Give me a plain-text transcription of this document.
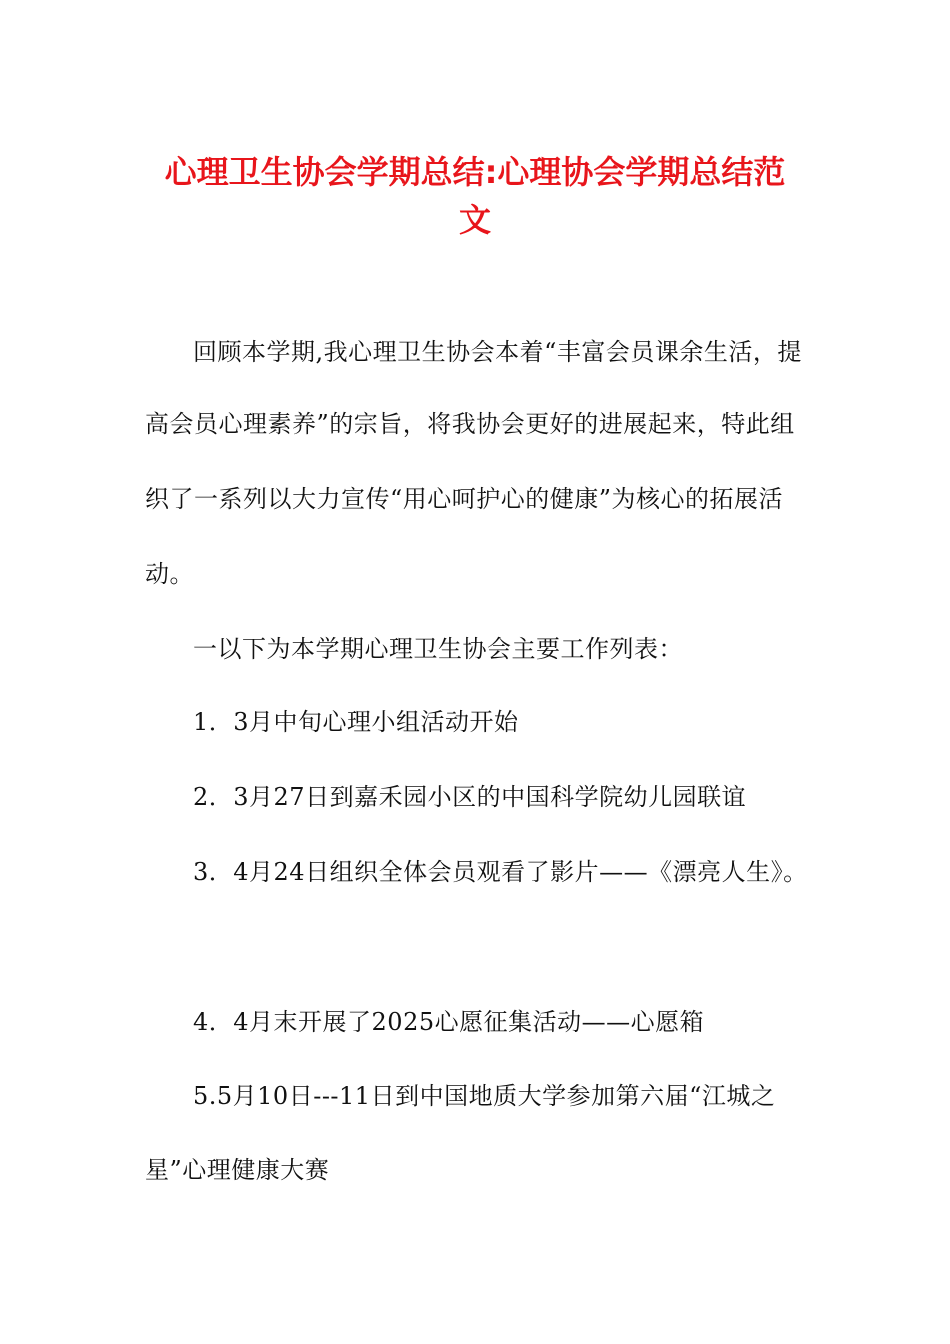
心理卫生协会学期总结:心理协会学期总结范
文
回顾本学期,我心理卫生协会本着“丰富会员课余生活，提
高会员心理素养”的宗旨，将我协会更好的进展起来，特此组
织了一系列以大力宣传“用心呵护心的健康”为核心的拓展活
动。
一以下为本学期心理卫生协会主要工作列表：
1．3月中旬心理小组活动开始
2．3月27日到嘉禾园小区的中国科学院幼儿园联谊
3．4月24日组织全体会员观看了影片——《漂亮人生》。
4．4月末开展了2025心愿征集活动——心愿箱
5.5月10日---11日到中国地质大学参加第六届“江城之
星”心理健康大赛
